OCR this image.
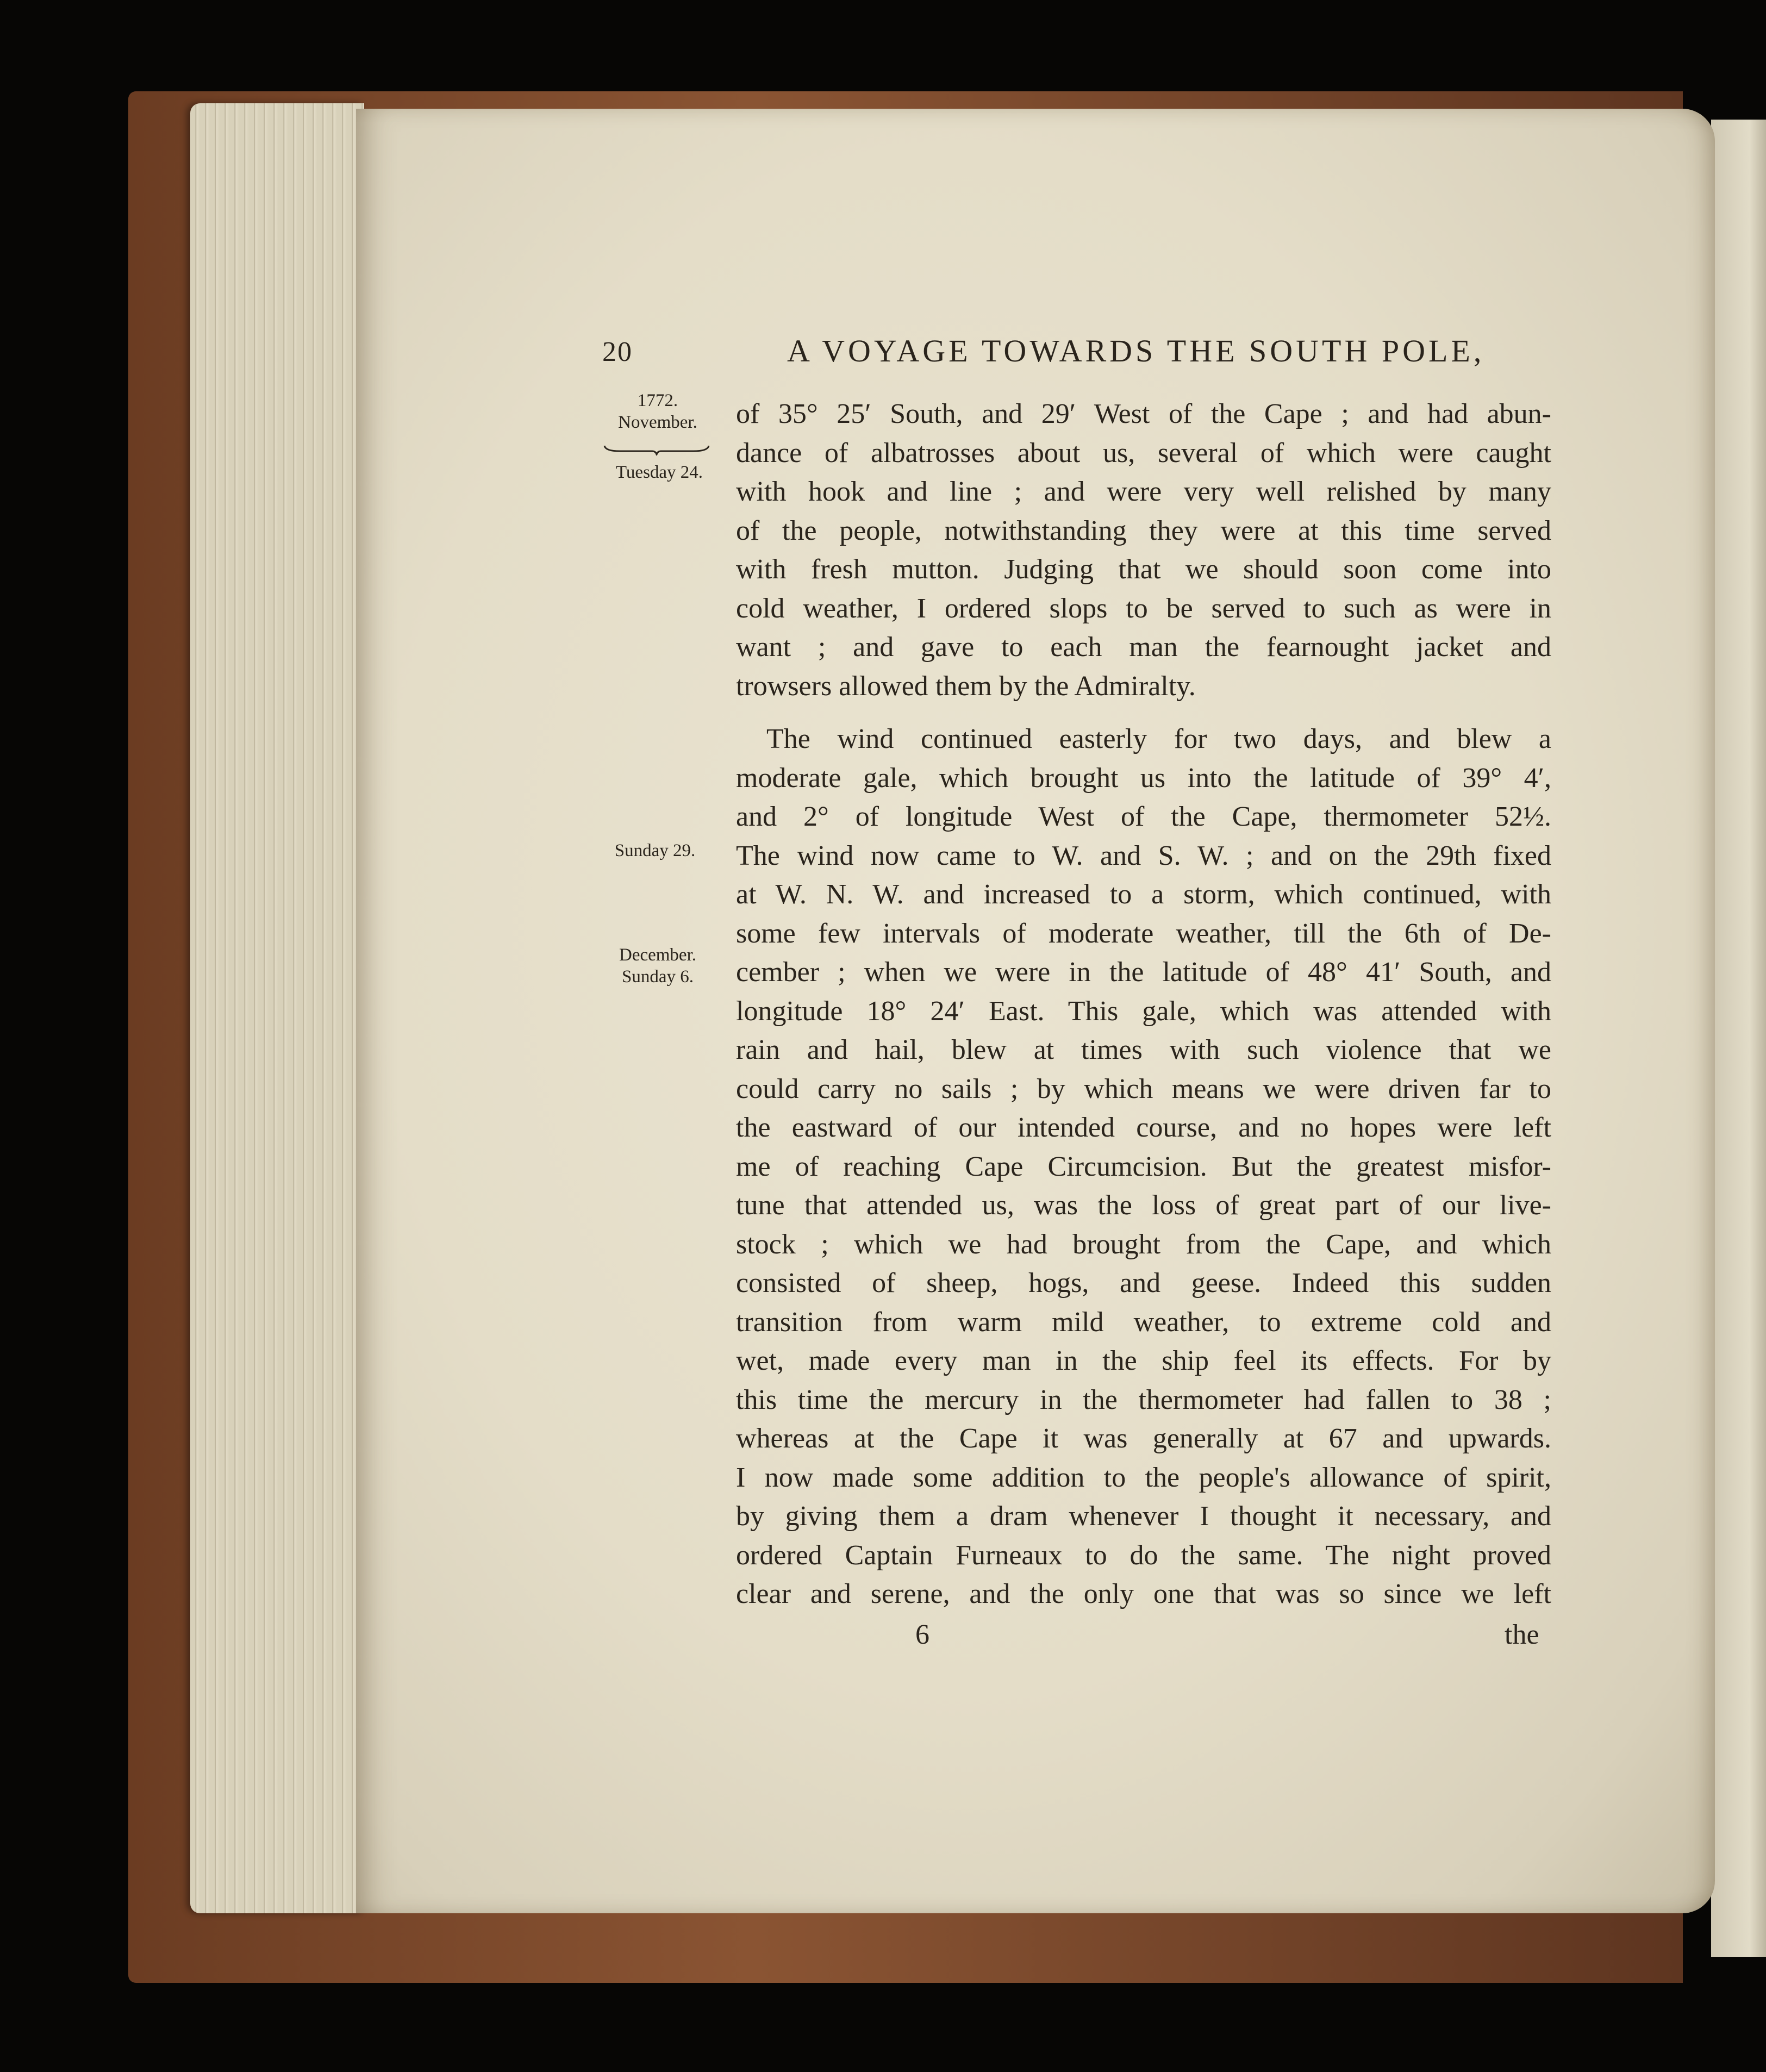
20	A VOYAGE TOWARDS THE SOUTH POLE,
1772.
November.
Tuesday 24.
Sunday 29.
December.
Sunday 6.
of 35° 25′ South, and 29′ West of the Cape ; and had abun-
dance of albatrosses about us, several of which were caught
with hook and line ; and were very well relished by many
of the people, notwithstanding they were at this time served
with fresh mutton. Judging that we should soon come into
cold weather, I ordered slops to be served to such as were in
want ; and gave to each man the fearnought jacket and
trowsers allowed them by the Admiralty.
The wind continued easterly for two days, and blew a
moderate gale, which brought us into the latitude of 39° 4′,
and 2° of longitude West of the Cape, thermometer 52½.
The wind now came to W. and S. W. ; and on the 29th fixed
at W. N. W. and increased to a storm, which continued, with
some few intervals of moderate weather, till the 6th of De-
cember ; when we were in the latitude of 48° 41′ South, and
longitude 18° 24′ East. This gale, which was attended with
rain and hail, blew at times with such violence that we
could carry no sails ; by which means we were driven far to
the eastward of our intended course, and no hopes were left
me of reaching Cape Circumcision. But the greatest misfor-
tune that attended us, was the loss of great part of our live-
stock ; which we had brought from the Cape, and which
consisted of sheep, hogs, and geese. Indeed this sudden
transition from warm mild weather, to extreme cold and
wet, made every man in the ship feel its effects. For by
this time the mercury in the thermometer had fallen to 38 ;
whereas at the Cape it was generally at 67 and upwards.
I now made some addition to the people's allowance of spirit,
by giving them a dram whenever I thought it necessary, and
ordered Captain Furneaux to do the same. The night proved
clear and serene, and the only one that was so since we left
6	the
